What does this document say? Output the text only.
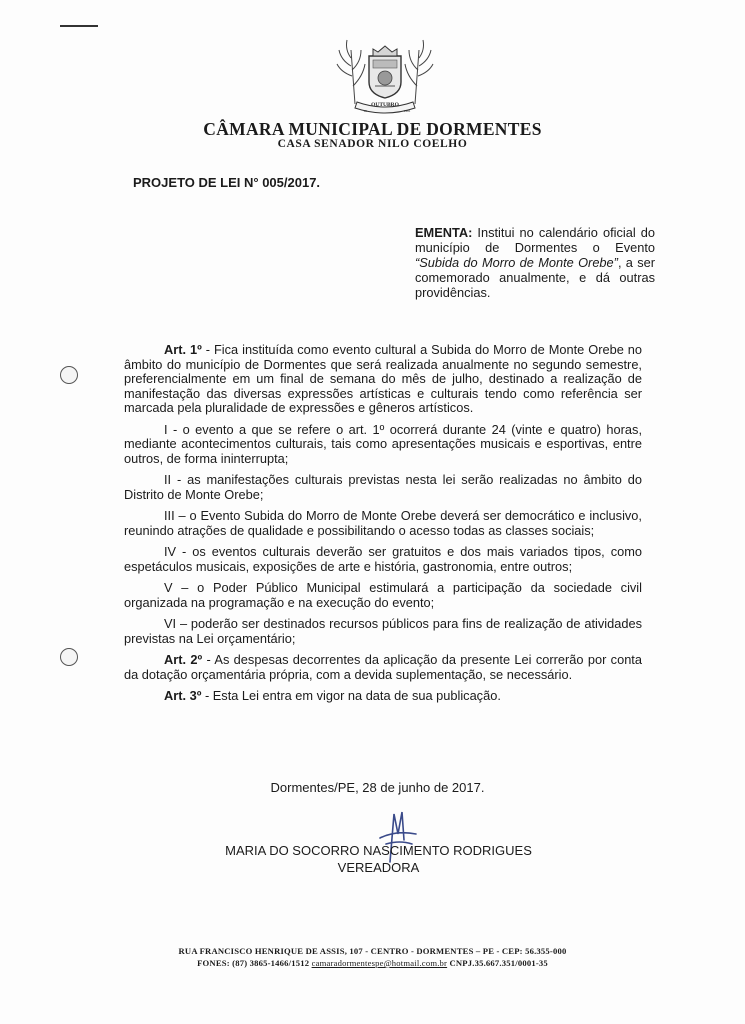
OUTUBRO
18	1981
CÂMARA MUNICIPAL DE DORMENTES
CASA SENADOR NILO COELHO
PROJETO DE LEI N° 005/2017.
EMENTA: Institui no calendário oficial do município de Dormentes o Evento “Subida do Morro de Monte Orebe”, a ser comemorado anualmente, e dá outras providências.

Art. 1º - Fica instituída como evento cultural a Subida do Morro de Monte Orebe no âmbito do município de Dormentes que será realizada anualmente no segundo semestre, preferencialmente em um final de semana do mês de julho, destinado a realização de manifestação das diversas expressões artísticas e culturais tendo como referência ser marcada pela pluralidade de expressões e gêneros artísticos.

I - o evento a que se refere o art. 1º ocorrerá durante 24 (vinte e quatro) horas, mediante acontecimentos culturais, tais como apresentações musicais e esportivas, entre outros, de forma ininterrupta;

II - as manifestações culturais previstas nesta lei serão realizadas no âmbito do Distrito de Monte Orebe;

III – o Evento Subida do Morro de Monte Orebe deverá ser democrático e inclusivo, reunindo atrações de qualidade e possibilitando o acesso todas as classes sociais;

IV - os eventos culturais deverão ser gratuitos e dos mais variados tipos, como espetáculos musicais, exposições de arte e história, gastronomia, entre outros;

V – o Poder Público Municipal estimulará a participação da sociedade civil organizada na programação e na execução do evento;

VI – poderão ser destinados recursos públicos para fins de realização de atividades previstas na Lei orçamentário;

Art. 2º - As despesas decorrentes da aplicação da presente Lei correrão por conta da dotação orçamentária própria, com a devida suplementação, se necessário.

Art. 3º - Esta Lei entra em vigor na data de sua publicação.

Dormentes/PE, 28 de junho de 2017.
MARIA DO SOCORRO NASCIMENTO RODRIGUES
VEREADORA
RUA FRANCISCO HENRIQUE DE ASSIS, 107 - CENTRO - DORMENTES – PE - CEP: 56.355-000
FONES: (87) 3865-1466/1512 camaradormentespe@hotmail.com.br CNPJ.35.667.351/0001-35
